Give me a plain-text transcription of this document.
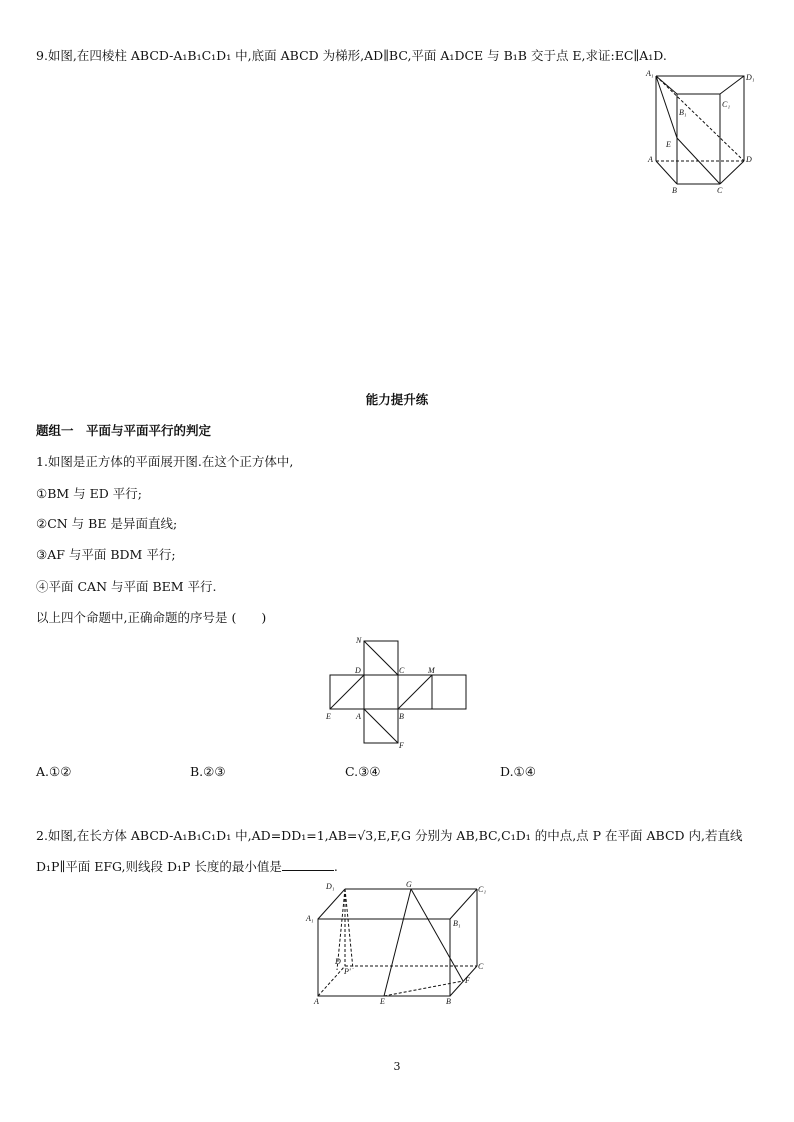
9.如图,在四棱柱 ABCD-A₁B₁C₁D₁ 中,底面 ABCD 为梯形,AD∥BC,平面 A₁DCE 与 B₁B 交于点 E,求证:EC∥A₁D.
A₁	D₁
B₁
C₁
E
A	D
B	C
能力提升练
题组一　平面与平面平行的判定
1.如图是正方体的平面展开图.在这个正方体中,
①BM 与 ED 平行;
②CN 与 BE 是异面直线;
③AF 与平面 BDM 平行;
④平面 CAN 与平面 BEM 平行.
以上四个命题中,正确命题的序号是 (　　)
N
D	C	M
E	A	B
F
A.①②	B.②③	C.③④	D.①④
2.如图,在长方体 ABCD-A₁B₁C₁D₁ 中,AD=DD₁=1,AB=√3,E,F,G 分别为 AB,BC,C₁D₁ 的中点,点 P 在平面 ABCD 内,若直线
D₁P∥平面 EFG,则线段 D₁P 长度的最小值是	.
D₁	G
C₁
A₁
B₁
D
P'
C
F
A	E	B
3
